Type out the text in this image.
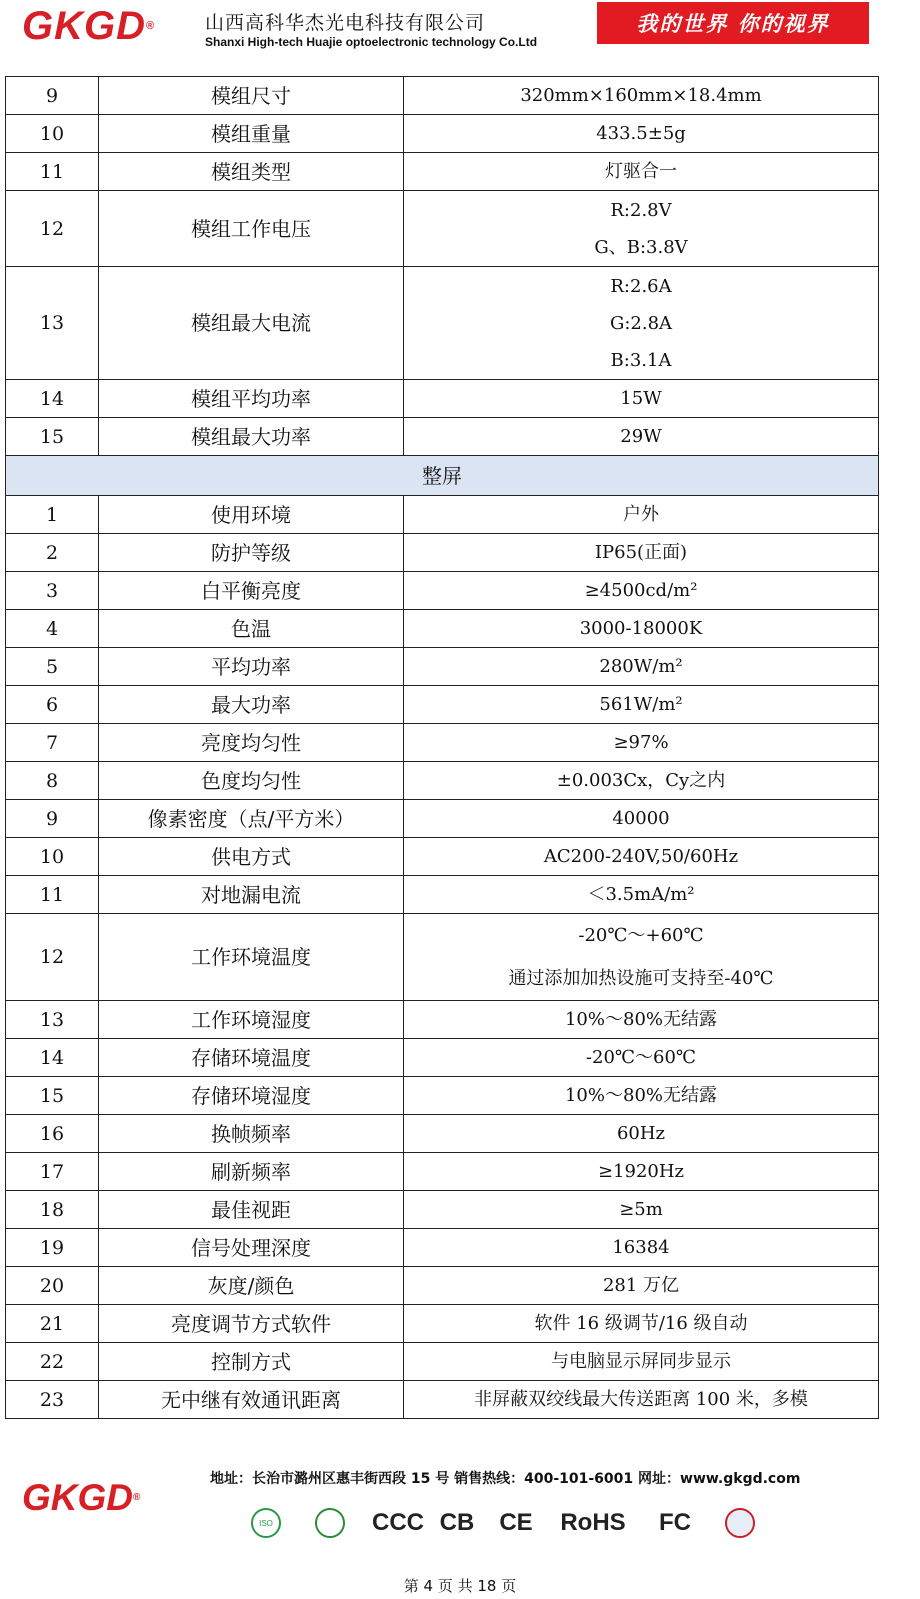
GKGD®	山西高科华杰光电科技有限公司
Shanxi High-tech Huajie optoelectronic technology Co.Ltd
我的世界 你的视界
9	模组尺寸	320mm×160mm×18.4mm

10	模组重量	433.5±5g

11	模组类型	灯驱合一

12	模组工作电压	R:2.8V
G、B:3.8V

13	模组最大电流	R:2.6A
G:2.8A
B:3.1A

14	模组平均功率	15W

15	模组最大功率	29W

整屏		
1	使用环境	户外

2	防护等级	IP65(正面)

3	白平衡亮度	≥4500cd/m²

4	色温	3000-18000K

5	平均功率	280W/m²

6	最大功率	561W/m²

7	亮度均匀性	≥97%

8	色度均匀性	±0.003Cx，Cy之内

9	像素密度（点/平方米）	40000

10	供电方式	AC200-240V,50/60Hz

11	对地漏电流	＜3.5mA/m²

12	工作环境温度	-20℃～+60℃
通过添加加热设施可支持至-40℃

13	工作环境湿度	10%～80%无结露

14	存储环境温度	-20℃～60℃

15	存储环境湿度	10%～80%无结露

16	换帧频率	60Hz

17	刷新频率	≥1920Hz

18	最佳视距	≥5m

19	信号处理深度	16384

20	灰度/颜色	281 万亿

21	亮度调节方式软件	软件 16 级调节/16 级自动

22	控制方式	与电脑显示屏同步显示

23	无中继有效通讯距离	非屏蔽双绞线最大传送距离 100 米，多模
GKGD®
地址：长治市潞州区惠丰街西段 15 号 销售热线：400-101-6001 网址：www.gkgd.com
ISO	CCC CB CE RoHS FC
第 4 页 共 18 页
